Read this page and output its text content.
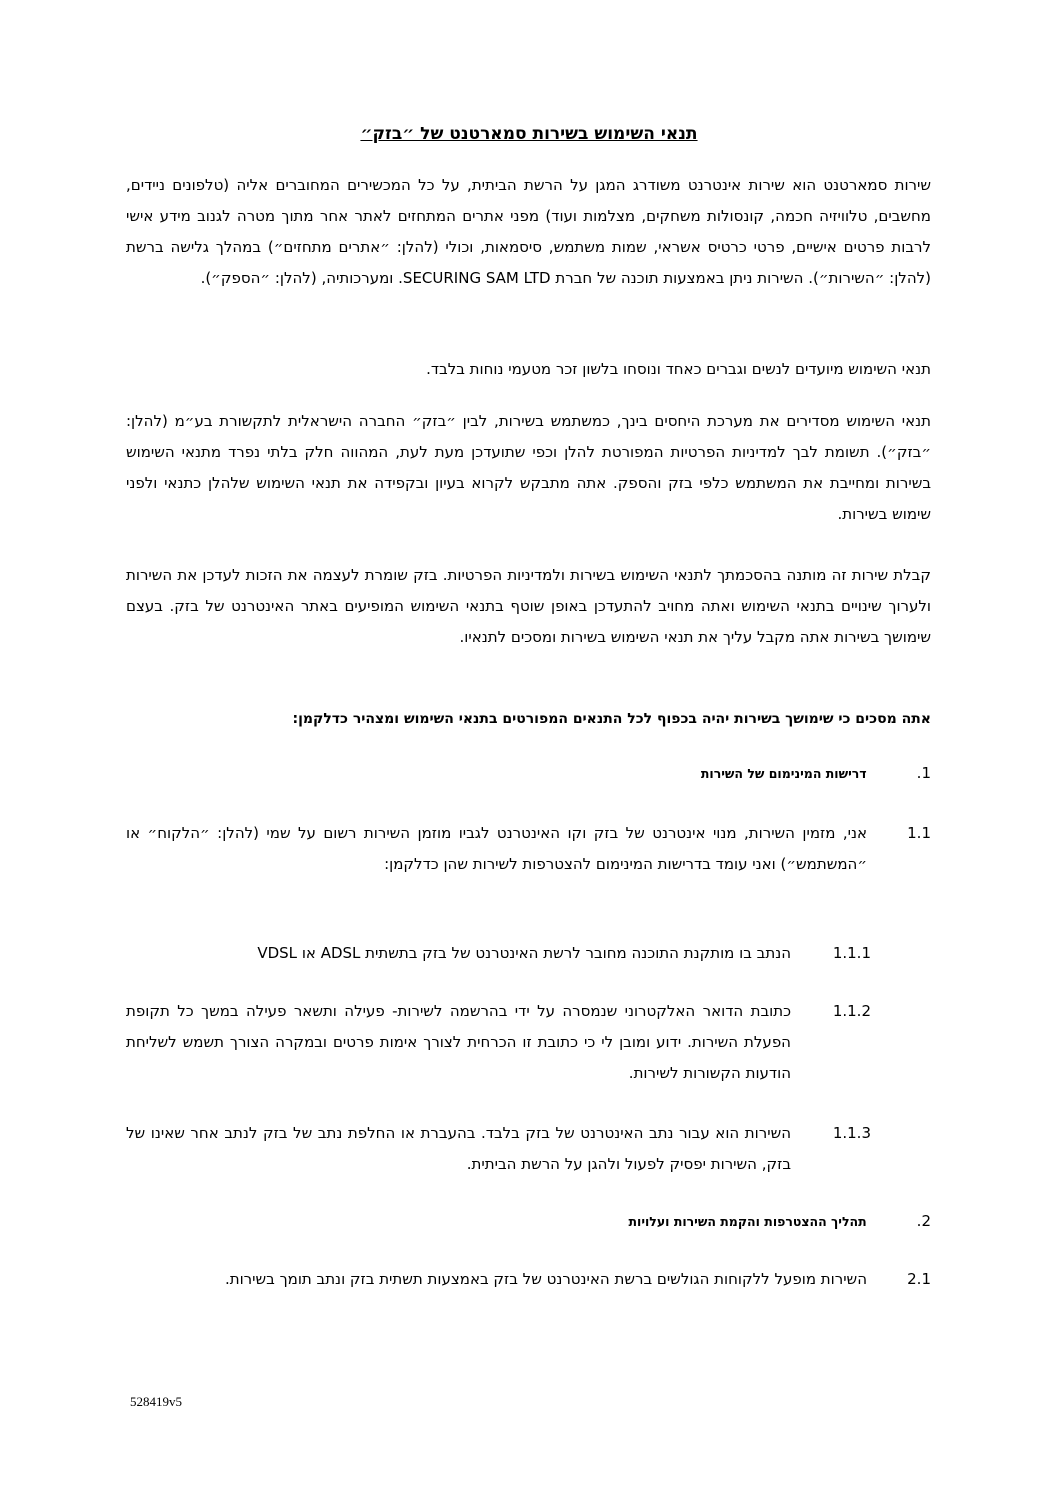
תנאי השימוש בשירות סמארטנט של ״בזק״
שירות סמארטנט הוא שירות אינטרנט משודרג המגן על הרשת הביתית, על כל המכשירים המחוברים אליה (טלפונים ניידים, מחשבים, טלוויזיה חכמה, קונסולות משחקים, מצלמות ועוד) מפני אתרים המתחזים לאתר אחר מתוך מטרה לגנוב מידע אישי לרבות פרטים אישיים, פרטי כרטיס אשראי, שמות משתמש, סיסמאות, וכולי (להלן: ״אתרים מתחזים״) במהלך גלישה ברשת (להלן: ״השירות״). השירות ניתן באמצעות תוכנה של חברת SECURING SAM LTD. ומערכותיה, (להלן: ״הספק״).
תנאי השימוש מיועדים לנשים וגברים כאחד ונוסחו בלשון זכר מטעמי נוחות בלבד.
תנאי השימוש מסדירים את מערכת היחסים בינך, כמשתמש בשירות, לבין ״בזק״ החברה הישראלית לתקשורת בע״מ (להלן: ״בזק״). תשומת לבך למדיניות הפרטיות המפורטת להלן וכפי שתועדכן מעת לעת, המהווה חלק בלתי נפרד מתנאי השימוש בשירות ומחייבת את המשתמש כלפי בזק והספק. אתה מתבקש לקרוא בעיון ובקפידה את תנאי השימוש שלהלן כתנאי ולפני שימוש בשירות.
קבלת שירות זה מותנה בהסכמתך לתנאי השימוש בשירות ולמדיניות הפרטיות. בזק שומרת לעצמה את הזכות לעדכן את השירות ולערוך שינויים בתנאי השימוש ואתה מחויב להתעדכן באופן שוטף בתנאי השימוש המופיעים באתר האינטרנט של בזק. בעצם שימושך בשירות אתה מקבל עליך את תנאי השימוש בשירות ומסכים לתנאיו.
אתה מסכים כי שימושך בשירות יהיה בכפוף לכל התנאים המפורטים בתנאי השימוש ומצהיר כדלקמן:
1. דרישות המינימום של השירות
1.1
אני, מזמין השירות, מנוי אינטרנט של בזק וקו האינטרנט לגביו מוזמן השירות רשום על שמי (להלן: ״הלקוח״ או ״המשתמש״) ואני עומד בדרישות המינימום להצטרפות לשירות שהן כדלקמן:
1.1.1
הנתב בו מותקנת התוכנה מחובר לרשת האינטרנט של בזק בתשתית ADSL או VDSL
1.1.2
כתובת הדואר האלקטרוני שנמסרה על ידי בהרשמה לשירות- פעילה ותשאר פעילה במשך כל תקופת הפעלת השירות. ידוע ומובן לי כי כתובת זו הכרחית לצורך אימות פרטים ובמקרה הצורך תשמש לשליחת הודעות הקשורות לשירות.
1.1.3
השירות הוא עבור נתב האינטרנט של בזק בלבד. בהעברת או החלפת נתב של בזק לנתב אחר שאינו של בזק, השירות יפסיק לפעול ולהגן על הרשת הביתית.
2. תהליך ההצטרפות והקמת השירות ועלויות
2.1
השירות מופעל ללקוחות הגולשים ברשת האינטרנט של בזק באמצעות תשתית בזק ונתב תומך בשירות.
528419v5
